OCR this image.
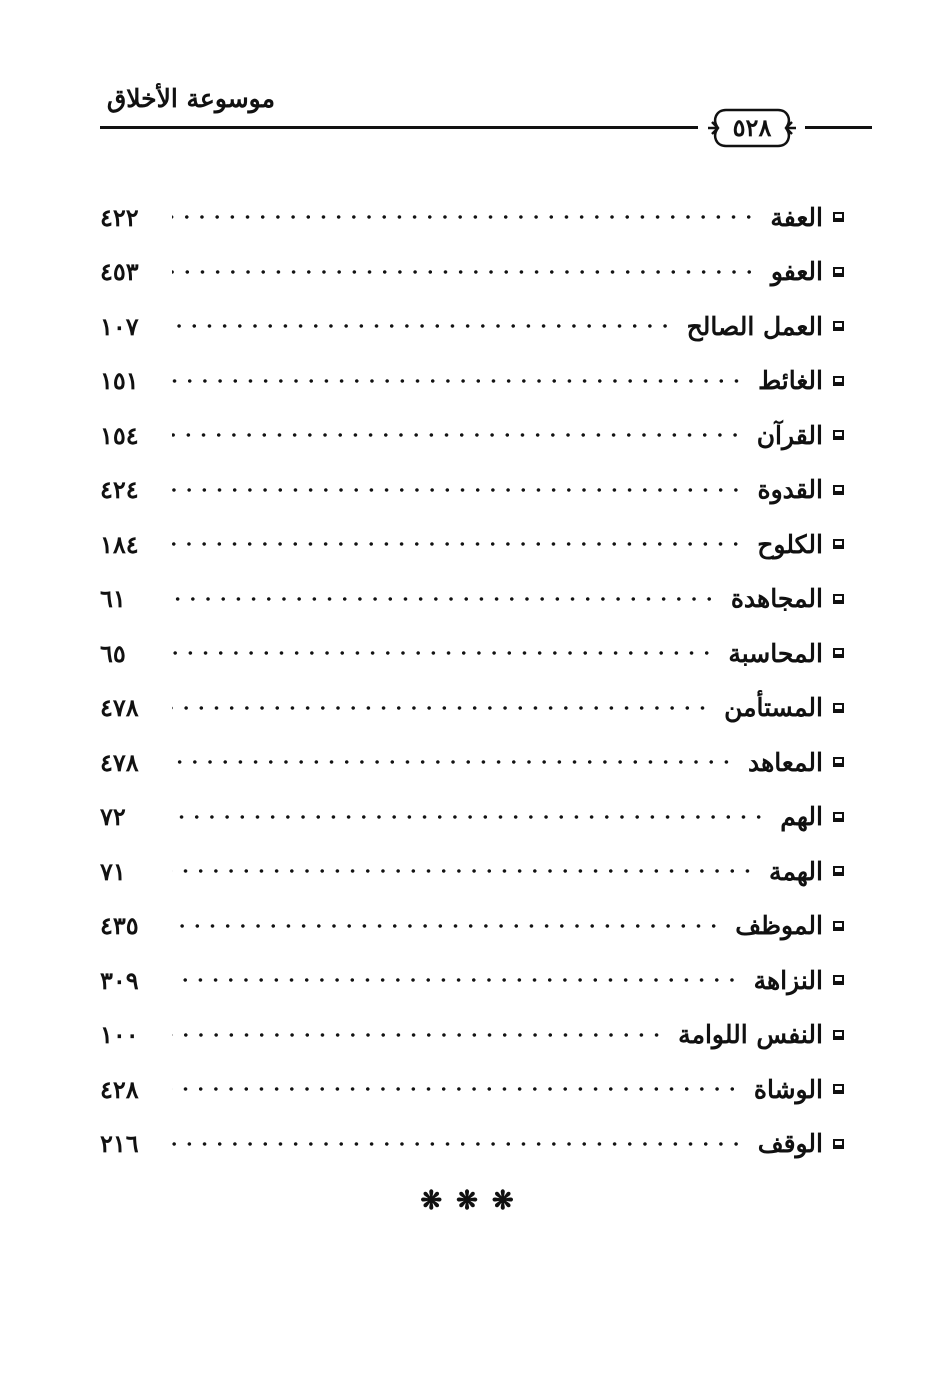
موسوعة الأخلاق
٥٢٨
العفة
٤٢٢
العفو
٤٥٣
العمل الصالح
١٠٧
الغائط
١٥١
القرآن
١٥٤
القدوة
٤٢٤
الكلوح
١٨٤
المجاهدة
٦١
المحاسبة
٦٥
المستأمن
٤٧٨
المعاهد
٤٧٨
الهم
٧٢
الهمة
٧١
الموظف
٤٣٥
النزاهة
٣٠٩
النفس اللوامة
١٠٠
الوشاة
٤٢٨
الوقف
٢١٦
❋❋❋
